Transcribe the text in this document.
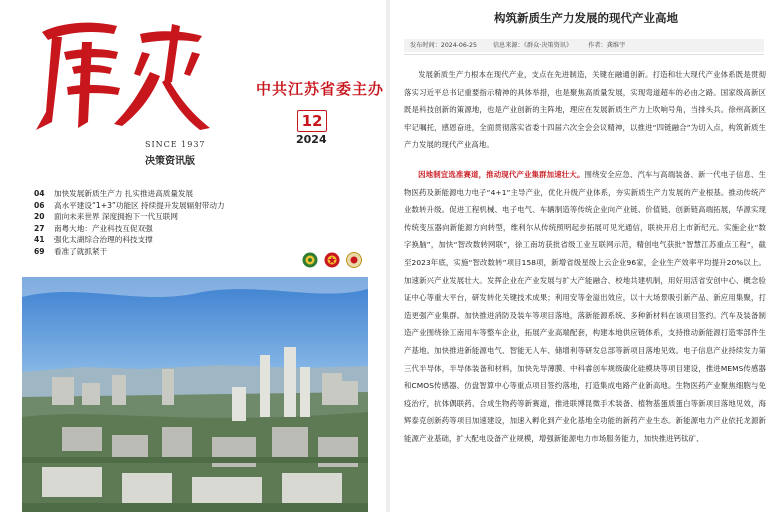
中共江苏省委主办
SINCE 1937
决策资讯版
12
2024
04 加快发展新质生产力 扎实推进高质量发展
06 高水平建设“1+3”功能区 持续提升发展辐射带动力
20 面向未来世界 深度拥抱下一代互联网
27 南粤大地：产业科技互促双强
41 强化太湖综合治理的科技支撑
69 看准了就抓紧干
构筑新质生产力发展的现代产业高地
发布时间：2024-06-25	信息来源：《群众·决策资讯》	作者：龚维宇
发展新质生产力根本在现代产业，支点在先进制造，关键在融通创新。打造和壮大现代产业体系既是贯彻落实习近平总书记重要指示精神的具体举措，也是聚焦高质量发展，实现弯道超车的必由之路。国家级高新区既是科技创新的策源地，也是产业创新的主阵地，理应在发展新质生产力上吹响号角，当排头兵。徐州高新区牢记嘱托，感恩奋进，全面贯彻落实省委十四届六次全会会议精神，以推进“四链融合”为切入点，构筑新质生产力发展的现代产业高地。
因地制宜选准赛道，推动现代产业集群加速壮大。围绕安全应急、汽车与高端装备、新一代电子信息、生物医药及新能源电力电子“4+1”主导产业，优化升级产业体系，夯实新质生产力发展的产业根基。推动传统产业数转升级。促进工程机械、电子电气、车辆制造等传统企业向产业链、价值链、创新链高端拓展，华源实现传统变压器向新能源方向转型，维利尔从传统照明起步拓展可见光通信，联袂开启上市新纪元。实施企业“数字换脑”，加快“智改数转网联”，徐工南坊获批省级工业互联网示范，精创电气获批“智慧江苏重点工程”，截至2023年底，实施“智改数转”项目158项，新增省级星级上云企业96家，企业生产效率平均提升20%以上。加速新兴产业发展壮大。发挥企业在产业发展与扩大产能融合、校地共建机制，用好用活省安创中心、概念验证中心等重大平台，研发转化关键技术成果；利用安等金溢出效应，以十大场景吸引新产品、新应用集聚，打造更强产业集群。加快推进消防及装车等项目落地，落新能源系统、多种新材料在该项目签约。汽车及装备制造产业围绕徐工南用车等整车企业，拓展产业高端配套，构建本地供应链体系，支持推动新能源打造零部件生产基地。加快推进新能源电气、智能无人车、储增利等研发总部等新项目落地见效。电子信息产业持续发力第三代半导体，半导体装备和材料，加快先导薄膜、中科睿创车规级碳化硅模块等项目建设，推进MEMS传感器和CMOS传感器、仿盘智算中心等重点项目签约落地，打造集成电路产业新高地。生物医药产业聚焦细胞与免疫治疗，抗体偶联药、合成生物药等新赛道，推进联博昆微手术装备、植物基蛋质蛋白等新项目落地见效，海辉泰克创新药等项目加速建设，加速入孵化到产业化基地全功能的新药产业生态。新能源电力产业依托龙源新能源产业基础，扩大配电设备产业规模，增强新能源电力市场服务能力，加快推进钙钛矿、
